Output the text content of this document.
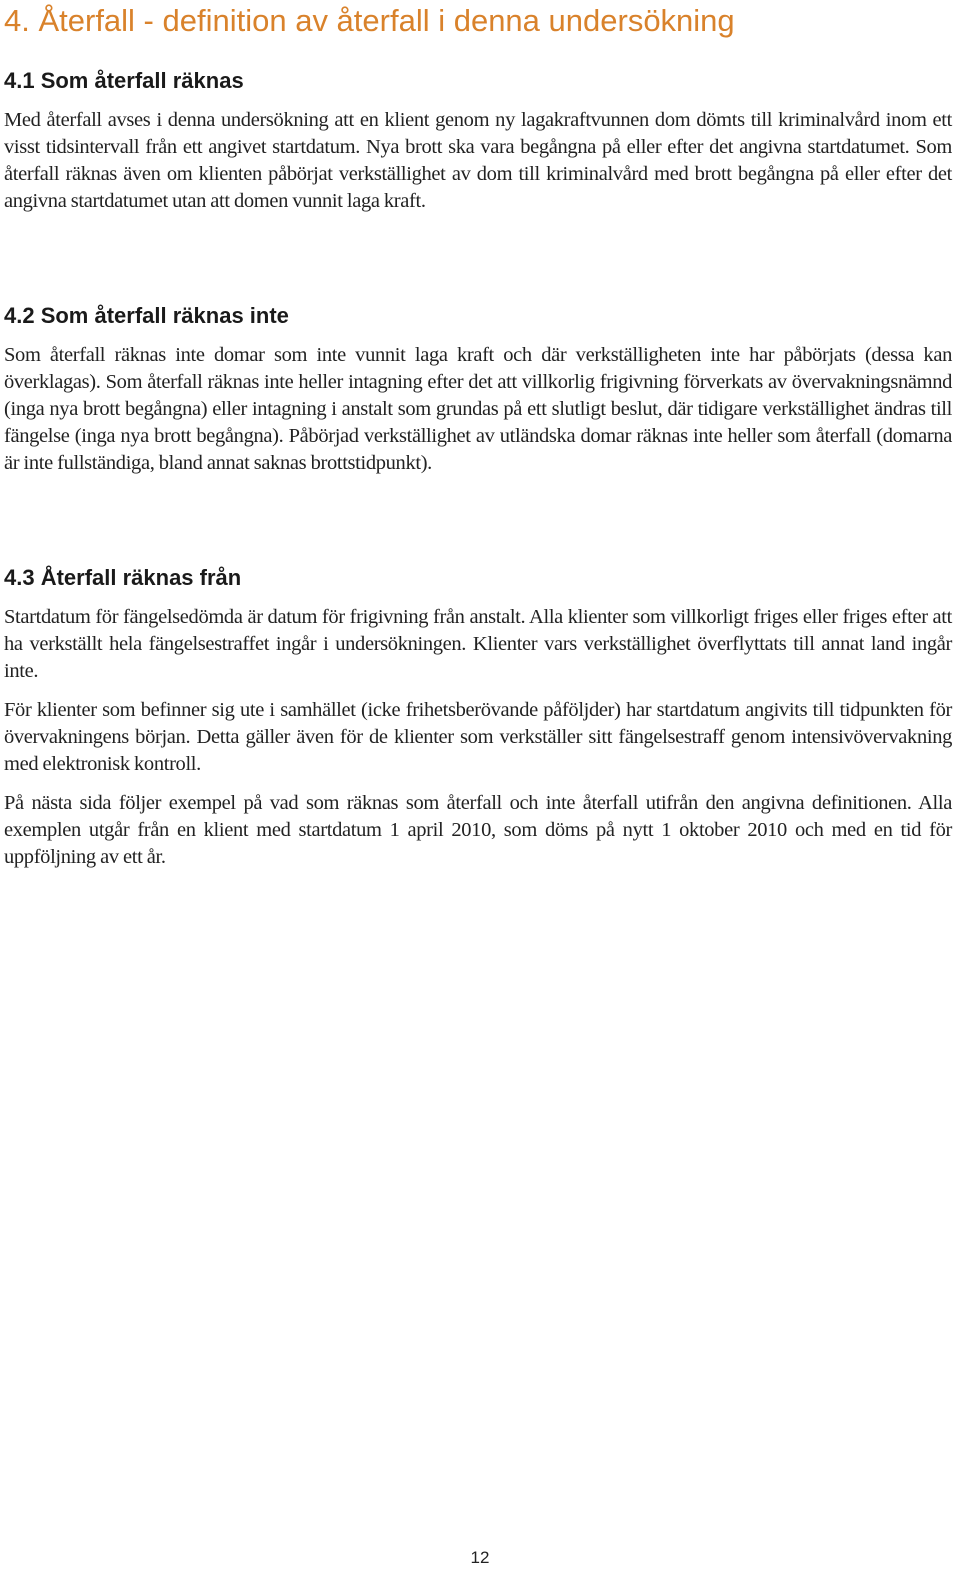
4. Återfall - definition av återfall i denna undersökning
4.1 Som återfall räknas

Med återfall avses i denna undersökning att en klient genom ny lagakraftvunnen dom dömts till kriminalvård inom ett visst tidsintervall från ett angivet startdatum. Nya brott ska vara begångna på eller efter det angivna startdatumet. Som återfall räknas även om klienten påbörjat verkställighet av dom till kriminalvård med brott begångna på eller efter det angivna startdatumet utan att domen vunnit laga kraft.

4.2 Som återfall räknas inte

Som återfall räknas inte domar som inte vunnit laga kraft och där verkställigheten inte har påbörjats (dessa kan överklagas). Som återfall räknas inte heller intagning efter det att villkorlig frigivning förverkats av övervakningsnämnd (inga nya brott begångna) eller intagning i anstalt som grundas på ett slutligt beslut, där tidigare verkställighet ändras till fängelse (inga nya brott begångna). Påbörjad verkställighet av utländska domar räknas inte heller som återfall (domarna är inte fullständiga, bland annat saknas brottstidpunkt).

4.3 Återfall räknas från

Startdatum för fängelsedömda är datum för frigivning från anstalt. Alla klienter som villkorligt friges eller friges efter att ha verkställt hela fängelsestraffet ingår i undersökningen. Klienter vars verkställighet överflyttats till annat land ingår inte.

För klienter som befinner sig ute i samhället (icke frihetsberövande påföljder) har startdatum angivits till tidpunkten för övervakningens början. Detta gäller även för de klienter som verkställer sitt fängelsestraff genom intensivövervakning med elektronisk kontroll.

På nästa sida följer exempel på vad som räknas som återfall och inte återfall utifrån den angivna definitionen. Alla exemplen utgår från en klient med startdatum 1 april 2010, som döms på nytt 1 oktober 2010 och med en tid för uppföljning av ett år.

12
